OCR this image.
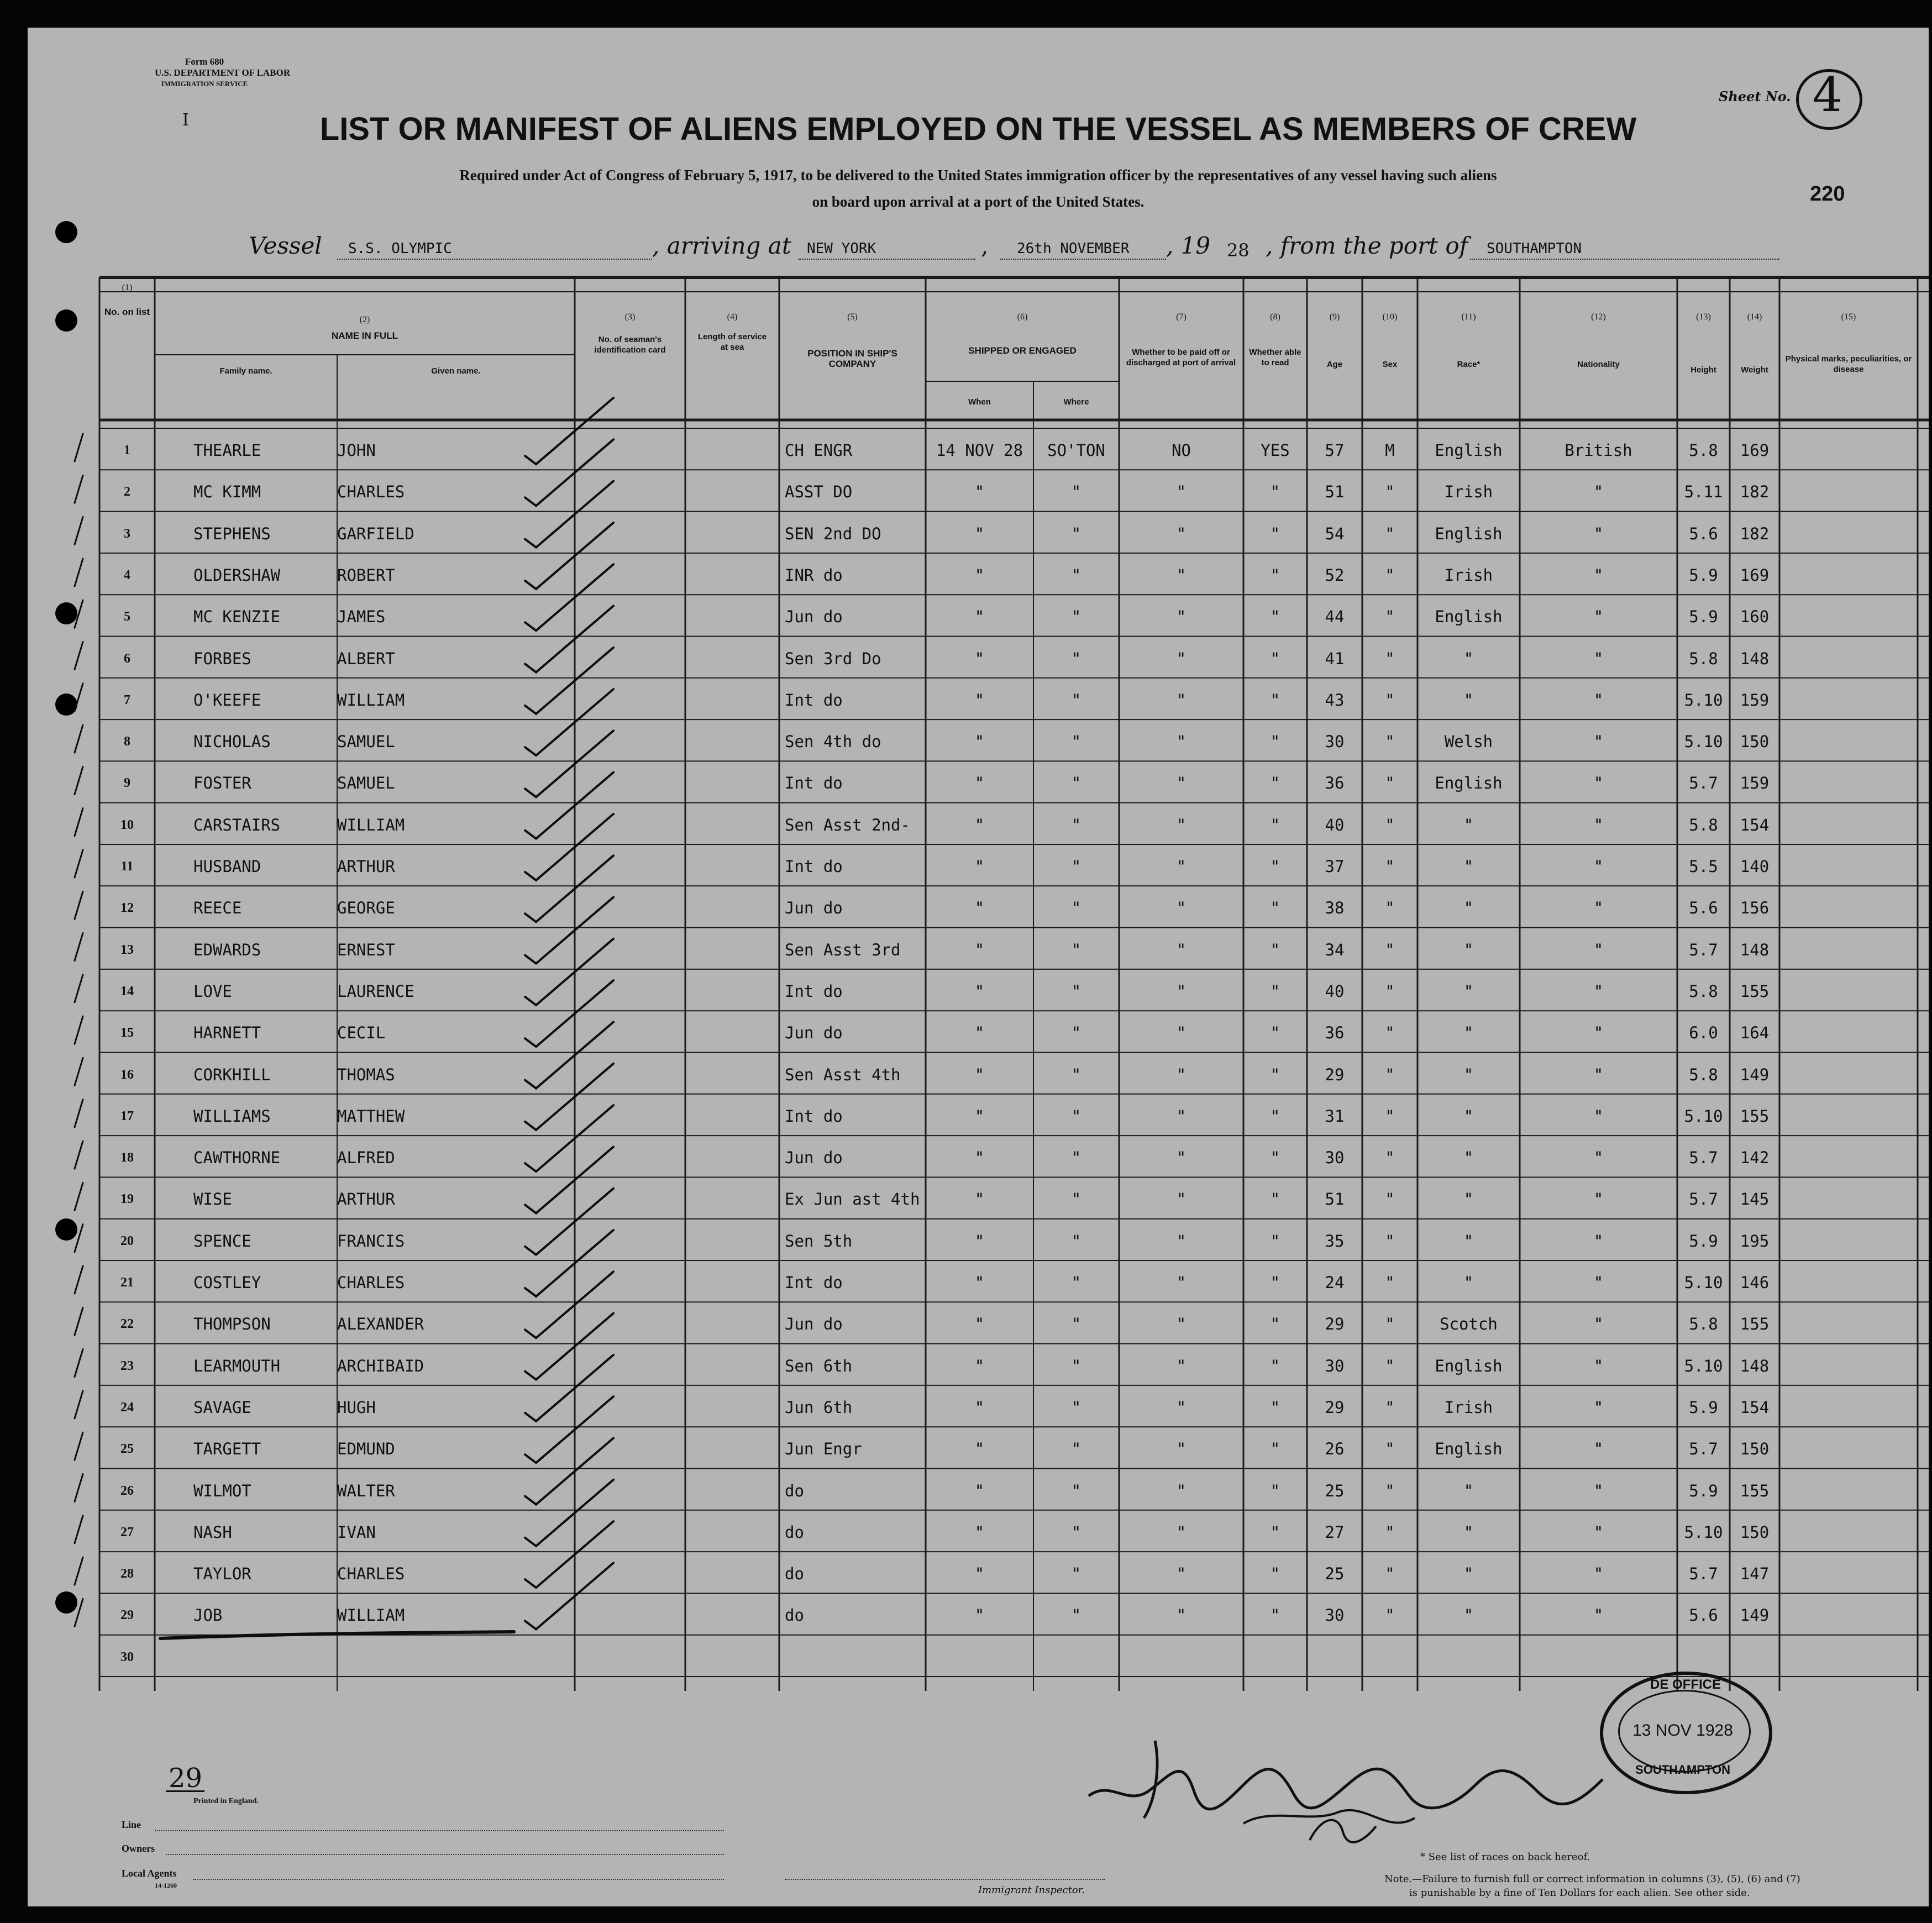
Form 680
U.S. DEPARTMENT OF LABOR
IMMIGRATION SERVICE
I
Sheet No. 4
220
LIST OR MANIFEST OF ALIENS EMPLOYED ON THE VESSEL AS MEMBERS OF CREW
Required under Act of Congress of February 5, 1917, to be delivered to the United States immigration officer by the representatives of any vessel having such aliens
on board upon arrival at a port of the United States.
Vessel S.S. OLYMPIC	, arriving at NEW YORK	, 26th NOVEMBER , 19 28 , from the port of SOUTHAMPTON
(1)
No. on list
(2)
NAME IN FULL
Family name.	Given name.
(3)
No. of seaman's identification card
(4)
Length of service at sea
(5)
POSITION IN SHIP'S COMPANY
(6)
SHIPPED OR ENGAGED
When	Where
(7)
Whether to be paid off or discharged at port of arrival
(8)
Whether able to read
(9)
Age
(10)
Sex
(11)
Race*
(12)
Nationality
(13)
Height
(14)
Weight
(15)
Physical marks, peculiarities, or disease
1	THEARLE	JOHN	CH ENGR	14 NOV 28	SO'TON	NO	YES	57	M	English	British	5.8	169
2	MC KIMM	CHARLES	ASST DO	"	"	"	"	51	"	Irish	"	5.11	182
3	STEPHENS	GARFIELD	SEN 2nd DO	"	"	"	"	54	"	English	"	5.6	182
4	OLDERSHAW	ROBERT	INR do	"	"	"	"	52	"	Irish	"	5.9	169
5	MC KENZIE	JAMES	Jun do	"	"	"	"	44	"	English	"	5.9	160
6	FORBES	ALBERT	Sen 3rd Do	"	"	"	"	41	"	"	"	5.8	148
7	O'KEEFE	WILLIAM	Int do	"	"	"	"	43	"	"	"	5.10	159
8	NICHOLAS	SAMUEL	Sen 4th do	"	"	"	"	30	"	Welsh	"	5.10	150
9	FOSTER	SAMUEL	Int do	"	"	"	"	36	"	English	"	5.7	159
10	CARSTAIRS	WILLIAM	Sen Asst 2nd-	"	"	"	"	40	"	"	"	5.8	154
11	HUSBAND	ARTHUR	Int do	"	"	"	"	37	"	"	"	5.5	140
12	REECE	GEORGE	Jun do	"	"	"	"	38	"	"	"	5.6	156
13	EDWARDS	ERNEST	Sen Asst 3rd	"	"	"	"	34	"	"	"	5.7	148
14	LOVE	LAURENCE	Int do	"	"	"	"	40	"	"	"	5.8	155
15	HARNETT	CECIL	Jun do	"	"	"	"	36	"	"	"	6.0	164
16	CORKHILL	THOMAS	Sen Asst 4th	"	"	"	"	29	"	"	"	5.8	149
17	WILLIAMS	MATTHEW	Int do	"	"	"	"	31	"	"	"	5.10	155
18	CAWTHORNE	ALFRED	Jun do	"	"	"	"	30	"	"	"	5.7	142
19	WISE	ARTHUR	Ex Jun ast 4th	"	"	"	"	51	"	"	"	5.7	145
20	SPENCE	FRANCIS	Sen 5th	"	"	"	"	35	"	"	"	5.9	195
21	COSTLEY	CHARLES	Int do	"	"	"	"	24	"	"	"	5.10	146
22	THOMPSON	ALEXANDER	Jun do	"	"	"	"	29	"	Scotch	"	5.8	155
23	LEARMOUTH	ARCHIBAID	Sen 6th	"	"	"	"	30	"	English	"	5.10	148
24	SAVAGE	HUGH	Jun 6th	"	"	"	"	29	"	Irish	"	5.9	154
25	TARGETT	EDMUND	Jun Engr	"	"	"	"	26	"	English	"	5.7	150
26	WILMOT	WALTER	do	"	"	"	"	25	"	"	"	5.9	155
27	NASH	IVAN	do	"	"	"	"	27	"	"	"	5.10	150
28	TAYLOR	CHARLES	do	"	"	"	"	25	"	"	"	5.7	147
29	JOB	WILLIAM	do	"	"	"	"	30	"	"	"	5.6	149
30
29
Printed in England.
Line
Owners
Local Agents
14-1260	Immigrant Inspector.
* See list of races on back hereof.
Note.—Failure to furnish full or correct information in columns (3), (5), (6) and (7)
is punishable by a fine of Ten Dollars for each alien. See other side.
DE OFFICE
13 NOV 1928
SOUTHAMPTON
